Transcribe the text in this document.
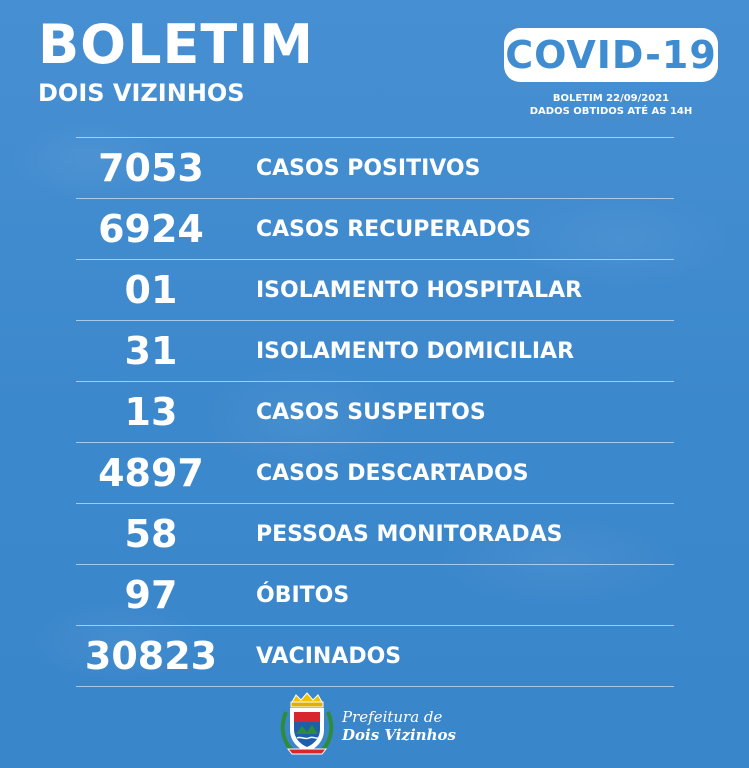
BOLETIM
DOIS VIZINHOS
COVID-19
BOLETIM 22/09/2021
DADOS OBTIDOS ATÉ AS 14H
7053	CASOS POSITIVOS
6924	CASOS RECUPERADOS
01	ISOLAMENTO HOSPITALAR
31	ISOLAMENTO DOMICILIAR
13	CASOS SUSPEITOS
4897	CASOS DESCARTADOS
58	PESSOAS MONITORADAS
97	ÓBITOS
30823	VACINADOS
Prefeitura de
Dois Vizinhos
